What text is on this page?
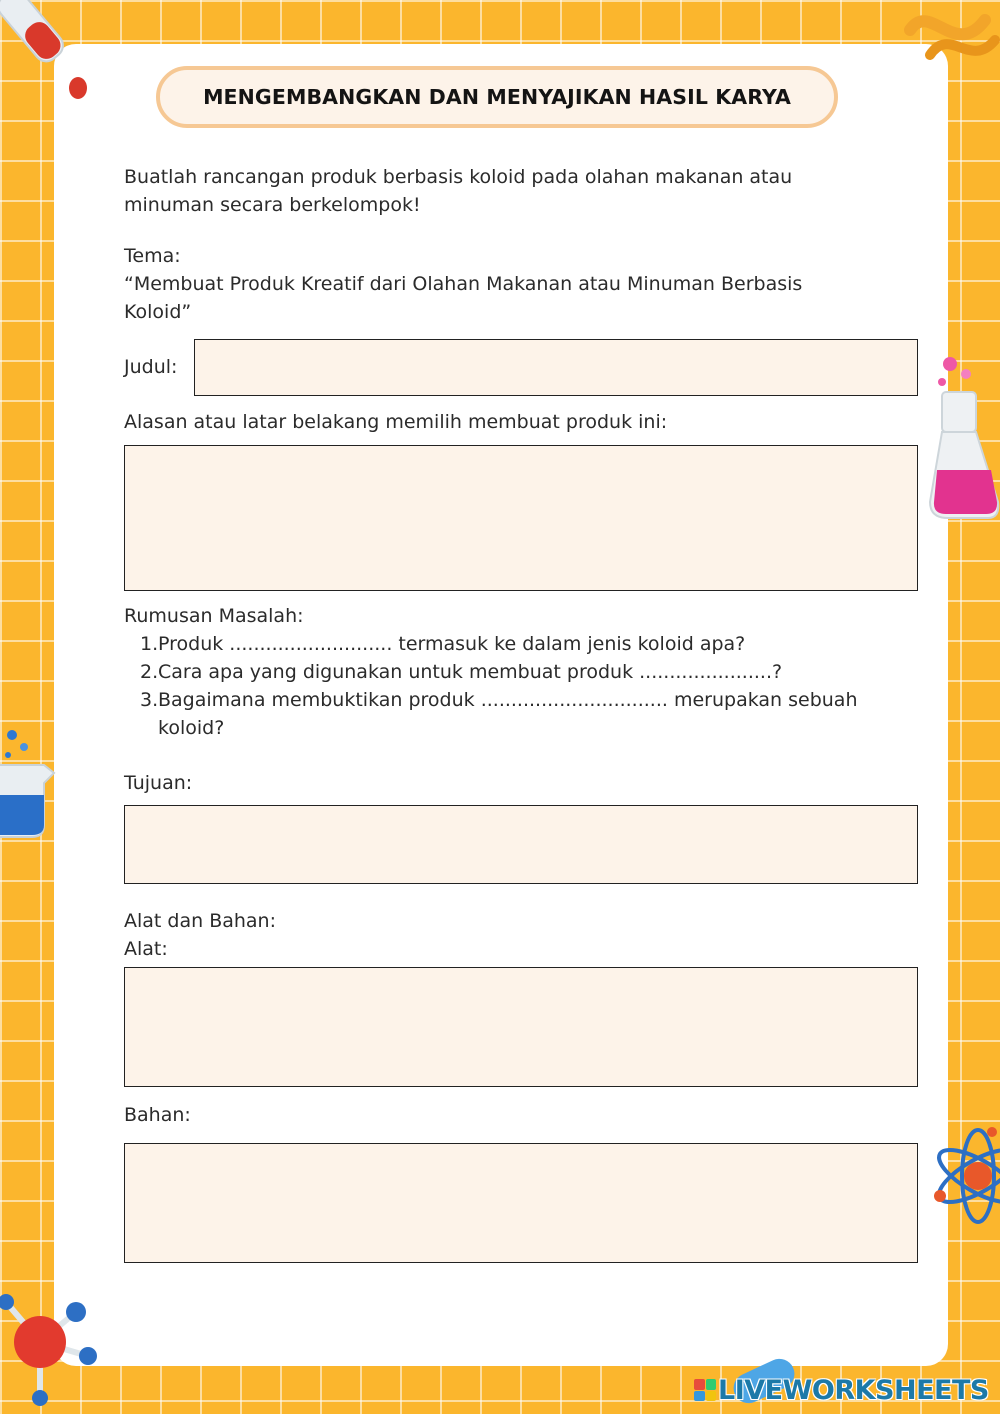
MENGEMBANGKAN DAN MENYAJIKAN HASIL KARYA
Buatlah rancangan produk berbasis koloid pada olahan makanan atau
minuman secara berkelompok!
Tema:
“Membuat Produk Kreatif dari Olahan Makanan atau Minuman Berbasis
Koloid”
Judul:
Alasan atau latar belakang memilih membuat produk ini:
Rumusan Masalah:
1. Produk ........................... termasuk ke dalam jenis koloid apa?
2. Cara apa yang digunakan untuk membuat produk ......................?
3. Bagaimana membuktikan produk ............................... merupakan sebuah
koloid?
Tujuan:
Alat dan Bahan:
Alat:
Bahan:
LIVEWORKSHEETS
